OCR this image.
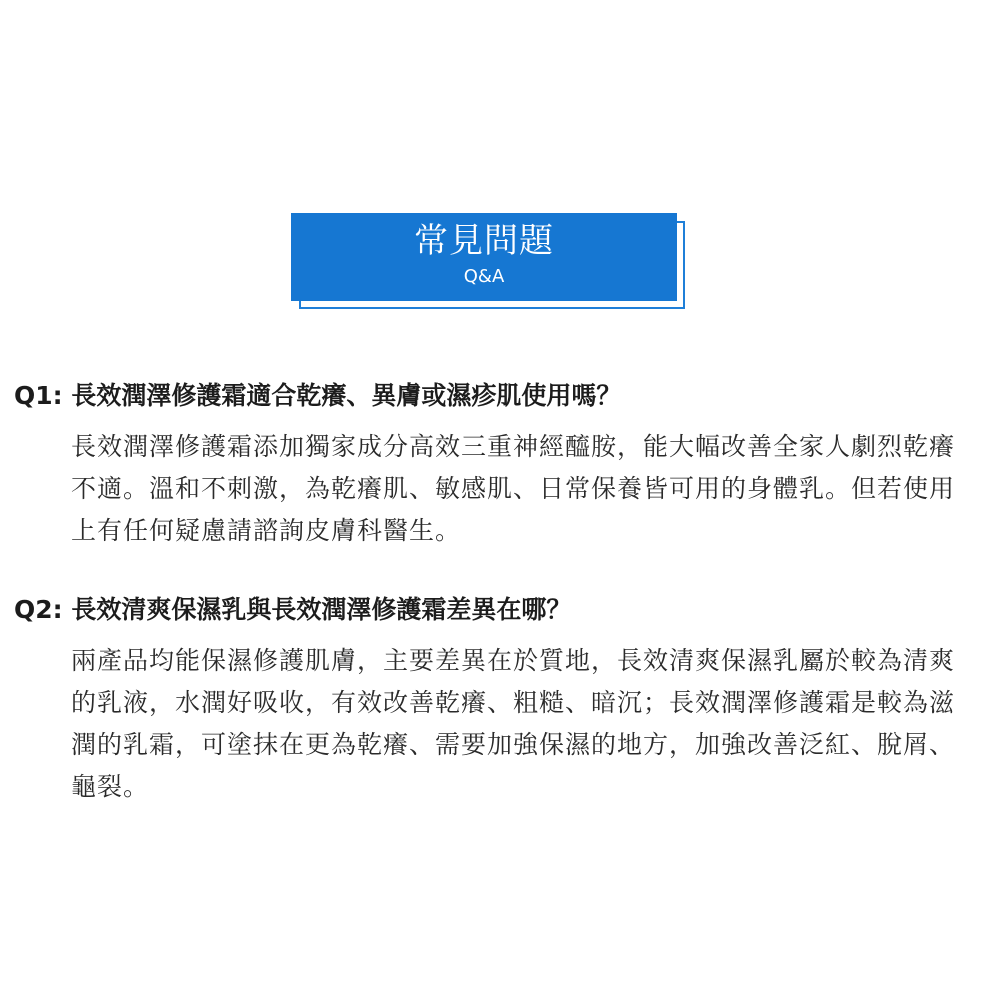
常見問題
Q&A

Q1: 長效潤澤修護霜適合乾癢、異膚或濕疹肌使用嗎？

長效潤澤修護霜添加獨家成分高效三重神經醯胺，能大幅改善全家人劇烈乾癢不適。溫和不刺激，為乾癢肌、敏感肌、日常保養皆可用的身體乳。但若使用上有任何疑慮請諮詢皮膚科醫生。

Q2: 長效清爽保濕乳與長效潤澤修護霜差異在哪？

兩產品均能保濕修護肌膚，主要差異在於質地，長效清爽保濕乳屬於較為清爽的乳液，水潤好吸收，有效改善乾癢、粗糙、暗沉；長效潤澤修護霜是較為滋潤的乳霜，可塗抹在更為乾癢、需要加強保濕的地方，加強改善泛紅、脫屑、龜裂。
